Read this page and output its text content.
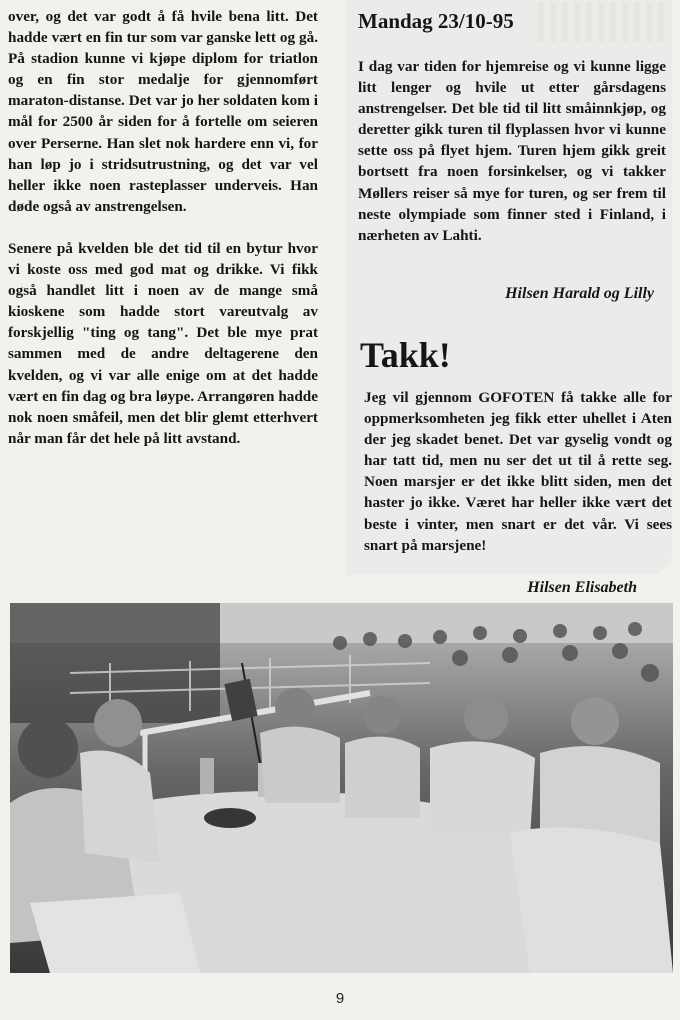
over, og det var godt å få hvile bena litt. Det hadde vært en fin tur som var ganske lett og gå. På stadion kunne vi kjøpe diplom for triatlon og en fin stor medalje for gjennomført maraton-distanse. Det var jo her soldaten kom i mål for 2500 år siden for å fortelle om seieren over Perserne. Han slet nok hardere enn vi, for han løp jo i stridsutrustning, og det var vel heller ikke noen rasteplasser underveis. Han døde også av anstrengelsen.

Senere på kvelden ble det tid til en bytur hvor vi koste oss med god mat og drikke. Vi fikk også handlet litt i noen av de mange små kioskene som hadde stort vareutvalg av forskjellig "ting og tang". Det ble mye prat sammen med de andre deltagerene den kvelden, og vi var alle enige om at det hadde vært en fin dag og bra løype. Arrangøren hadde nok noen småfeil, men det blir glemt etterhvert når man får det hele på litt avstand.

Mandag 23/10-95
I dag var tiden for hjemreise og vi kunne ligge litt lenger og hvile ut etter gårsdagens anstrengelser. Det ble tid til litt småinnkjøp, og deretter gikk turen til flyplassen hvor vi kunne sette oss på flyet hjem. Turen hjem gikk greit bortsett fra noen forsinkelser, og vi takker Møllers reiser så mye for turen, og ser frem til neste olympiade som finner sted i Finland, i nærheten av Lahti.
Hilsen Harald og Lilly
Takk!
Jeg vil gjennom GOFOTEN få takke alle for oppmerksomheten jeg fikk etter uhellet i Aten der jeg skadet benet. Det var gyselig vondt og har tatt tid, men nu ser det ut til å rette seg. Noen marsjer er det ikke blitt siden, men det haster jo ikke. Været har heller ikke vært det beste i vinter, men snart er det vår. Vi sees snart på marsjene!
Hilsen Elisabeth
9
